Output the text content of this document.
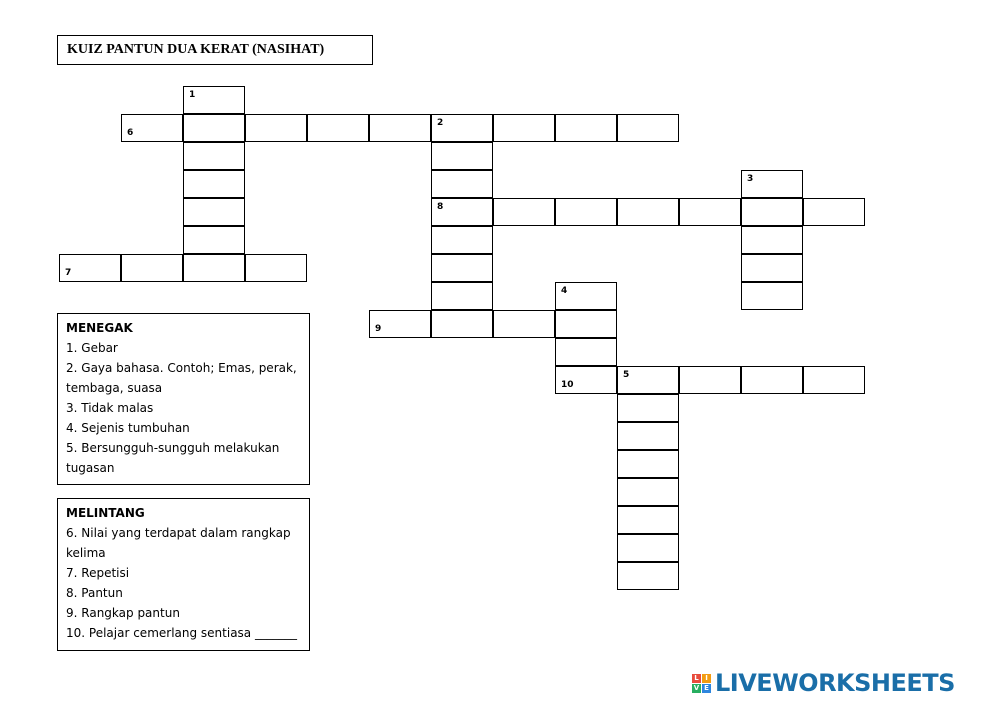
KUIZ PANTUN DUA KERAT (NASIHAT)
1
2
3
4
5
6
7
8
9
10
MENEGAK
1. Gebar
2. Gaya bahasa. Contoh; Emas, perak,
tembaga, suasa
3. Tidak malas
4. Sejenis tumbuhan
5. Bersungguh-sungguh melakukan
tugasan
MELINTANG
6. Nilai yang terdapat dalam rangkap
kelima
7. Repetisi
8. Pantun
9. Rangkap pantun
10. Pelajar cemerlang sentiasa _______
L I
V E LIVEWORKSHEETS
